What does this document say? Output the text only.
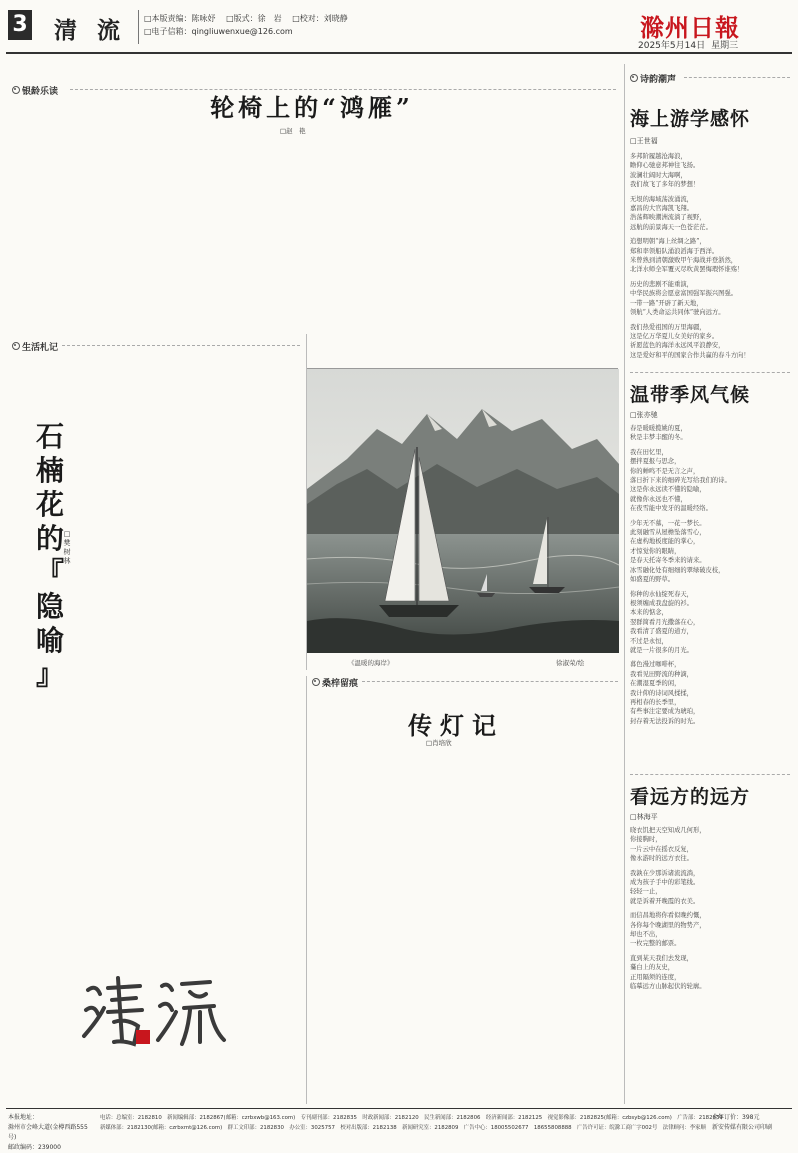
3 清 流 □本版责编：陈咏妤 □版式：徐　岩 □校对：刘晓静
□电子信箱：qingliuwenxue@126.com	滁州日報
2025年5月14日 星期三
银龄乐读
轮椅上的“鸿雁”
□赵　艳
生活札记
石
楠
花
的
『
隐
喻
』
□樊树林
《温暖的海岸》	徐淑荣/绘
桑梓留痕
传灯记
□肖培欣
诗韵潮声
海上游学感怀
□王世福
多邦阶履越沧海浪，
瞻仰心驰意邦神往飞扬。
波澜壮阔时大海啊，
我们故飞了多年的梦想！
无垠的海域荡波涌流，
嘉昌的大官海凯飞翔。
浩荡辉映潮洲流淌了视野，
远航的前景海天一色苍茫茫。
追想明朝“海上丝绸之路”，
郑和率领船队涌浪滔海于西洋。
米曾熟到清朝激败甲午海战并登浙然，
北洋水师全军覆灭尽吹黄罢悔瑕怀谁殇！
历史的悲剧不能重演，
中华民族将会愿意富国强军振兴图强。
一带一路“开辟了新天地，
领航“人类命运共同体”驶向远方。
我们热爱祖国的万里海疆，
这是亿万华夏儿女美好的家乡。
祈愿蓝色的海洋永远风平浪静安，
这是爱好和平的国家合作共赢的春斗方向！
温带季风气候
□张亦驰
春是暖暖揽姚的夏，
秋是丰梦丰醒的冬。
我在田忆里，
摆拌夏报与思念，
你的蝉鸣不是无言之声，
落日折下来的细碎光写给我们的诗。
这是你永远读不懂的隐喻，
就像你永远也不懂，
在夜雪能中发牙的温暖经络。
少年无不慕，一花一梦长。
此刻融雪从屋檐坠落雪心，
在虚构地板度能的掌心，
才惊觉你的眼睛，
是春天托寄冬季来的请来。
冰雪融化处有细细的翠绿破皮枝，
如盛夏的野草。
你种的水仙绽死春天，
根须缠成我盘旋的衫。
本来的惦念，
翌群简看月光撒落在心，
我看清了盛夏的道方，
不过是永恒，
就是一片很多的月光。
暮色漫过咖啡杯，
我看见田野流的种滴，
在潮湿夏季的闲，
我计仰的诗词风揉揉，
再相春的长季里，
有些事注定要成为琥珀，
封存着无法投诉的时光。
看远方的远方
□林海平
晓衣饥把天空知成几何形，
你接胸时，
一片云中在摇衣反复，
像永游时的远方衣往。
我孰在少那诉诸流流淌，
成为孩子手中的彩笔线。
轻轻一止，
就是诉着开晚霞的衣美。
而信昌地将你看似晚约慨，
各你每个晚湖里的物势产，
却也不出，
一枚完整的邮票。
直到某天我们去发现，
驀白上的友史，
正用隔须的连度，
临摹远方山脉起伏的轮廓。
本报地址：
滁州市会峰大道(金樽西路555号)
邮政编码：239000
电话：总编室：2182810　新闻编辑部：2182867(邮箱：czrbxwb@163.com)　专刊副刊部：2182835　时政新闻部：2182120　民生新闻部：2182806　经济新闻部：2182125　视觉影像部：2182825(邮箱：czbsyb@126.com)　广告部：2182839
新媒体部：2182130(邮箱：czrbxmt@126.com)　群工文印部：2182830　办公室：3025757　校对出版部：2182138　新闻研究室：2182809　广告中心：18005502677　18655808888　广告许可证：皖滁工商广字002号　法律顾问：李家顺
全年订价：398元
新安传媒有限公司印刷
